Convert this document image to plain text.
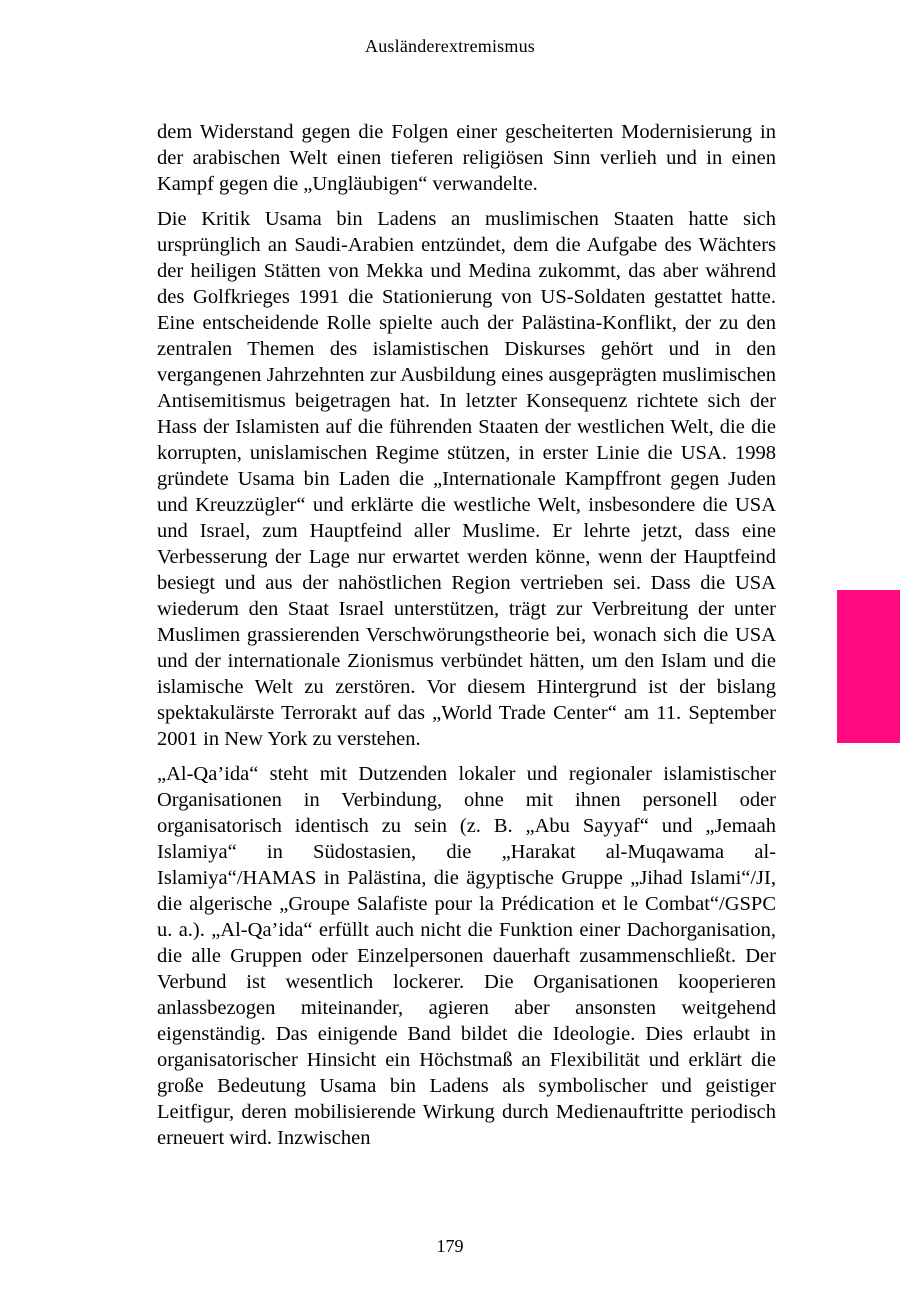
Ausländerextremismus

dem Widerstand gegen die Folgen einer gescheiterten Modernisierung in der arabischen Welt einen tieferen religiösen Sinn verlieh und in einen Kampf gegen die „Ungläubigen“ verwandelte.

Die Kritik Usama bin Ladens an muslimischen Staaten hatte sich ursprünglich an Saudi-Arabien entzündet, dem die Aufgabe des Wächters der heiligen Stätten von Mekka und Medina zukommt, das aber während des Golfkrieges 1991 die Stationierung von US-Soldaten gestattet hatte. Eine entscheidende Rolle spielte auch der Palästina-Konflikt, der zu den zentralen Themen des islamistischen Diskurses gehört und in den vergangenen Jahrzehnten zur Ausbildung eines ausgeprägten muslimischen Antisemitismus beigetragen hat. In letzter Konsequenz richtete sich der Hass der Islamisten auf die führenden Staaten der westlichen Welt, die die korrupten, unislamischen Regime stützen, in erster Linie die USA. 1998 gründete Usama bin Laden die „Internationale Kampffront gegen Juden und Kreuzzügler“ und erklärte die westliche Welt, insbesondere die USA und Israel, zum Hauptfeind aller Muslime. Er lehrte jetzt, dass eine Verbesserung der Lage nur erwartet werden könne, wenn der Hauptfeind besiegt und aus der nahöstlichen Region vertrieben sei. Dass die USA wiederum den Staat Israel unterstützen, trägt zur Verbreitung der unter Muslimen grassierenden Verschwörungstheorie bei, wonach sich die USA und der internationale Zionismus verbündet hätten, um den Islam und die islamische Welt zu zerstören. Vor diesem Hintergrund ist der bislang spektakulärste Terrorakt auf das „World Trade Center“ am 11. September 2001 in New York zu verstehen.

„Al-Qa’ida“ steht mit Dutzenden lokaler und regionaler islamistischer Organisationen in Verbindung, ohne mit ihnen personell oder organisatorisch identisch zu sein (z. B. „Abu Sayyaf“ und „Jemaah Islamiya“ in Südostasien, die „Harakat al-Muqawama al-Islamiya“/HAMAS in Palästina, die ägyptische Gruppe „Jihad Islami“/JI, die algerische „Groupe Salafiste pour la Prédication et le Combat“/GSPC u. a.). „Al-Qa’ida“ erfüllt auch nicht die Funktion einer Dachorganisation, die alle Gruppen oder Einzelpersonen dauerhaft zusammenschließt. Der Verbund ist wesentlich lockerer. Die Organisationen kooperieren anlassbezogen miteinander, agieren aber ansonsten weitgehend eigenständig. Das einigende Band bildet die Ideologie. Dies erlaubt in organisatorischer Hinsicht ein Höchstmaß an Flexibilität und erklärt die große Bedeutung Usama bin Ladens als symbolischer und geistiger Leitfigur, deren mobilisierende Wirkung durch Medienauftritte periodisch erneuert wird. Inzwischen

179
